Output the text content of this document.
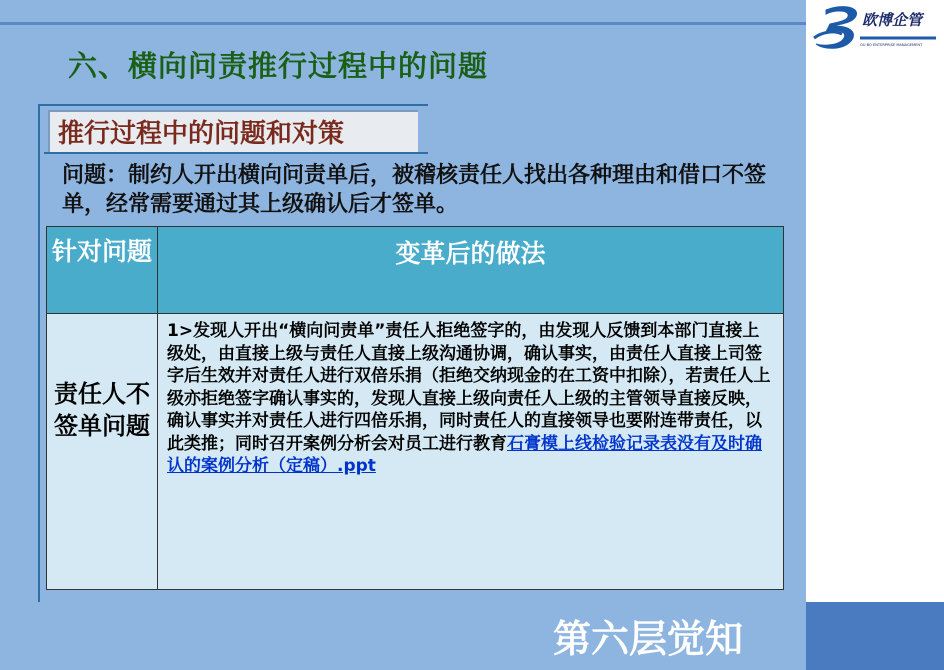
六、横向问责推行过程中的问题
推行过程中的问题和对策
问题：制约人开出横向问责单后，被稽核责任人找出各种理由和借口不签单，经常需要通过其上级确认后才签单。
针对问题	变革后的做法
责任人不签单问题
1>发现人开出“横向问责单”责任人拒绝签字的，由发现人反馈到本部门直接上级处，由直接上级与责任人直接上级沟通协调，确认事实，由责任人直接上司签字后生效并对责任人进行双倍乐捐（拒绝交纳现金的在工资中扣除），若责任人上级亦拒绝签字确认事实的，发现人直接上级向责任人上级的主管领导直接反映，确认事实并对责任人进行四倍乐捐，同时责任人的直接领导也要附连带责任，以此类推；同时召开案例分析会对员工进行教育石膏模上线检验记录表没有及时确认的案例分析（定稿）.ppt
欧博企管
OU BO ENTERPRISE MANAGEMENT
第六层觉知
